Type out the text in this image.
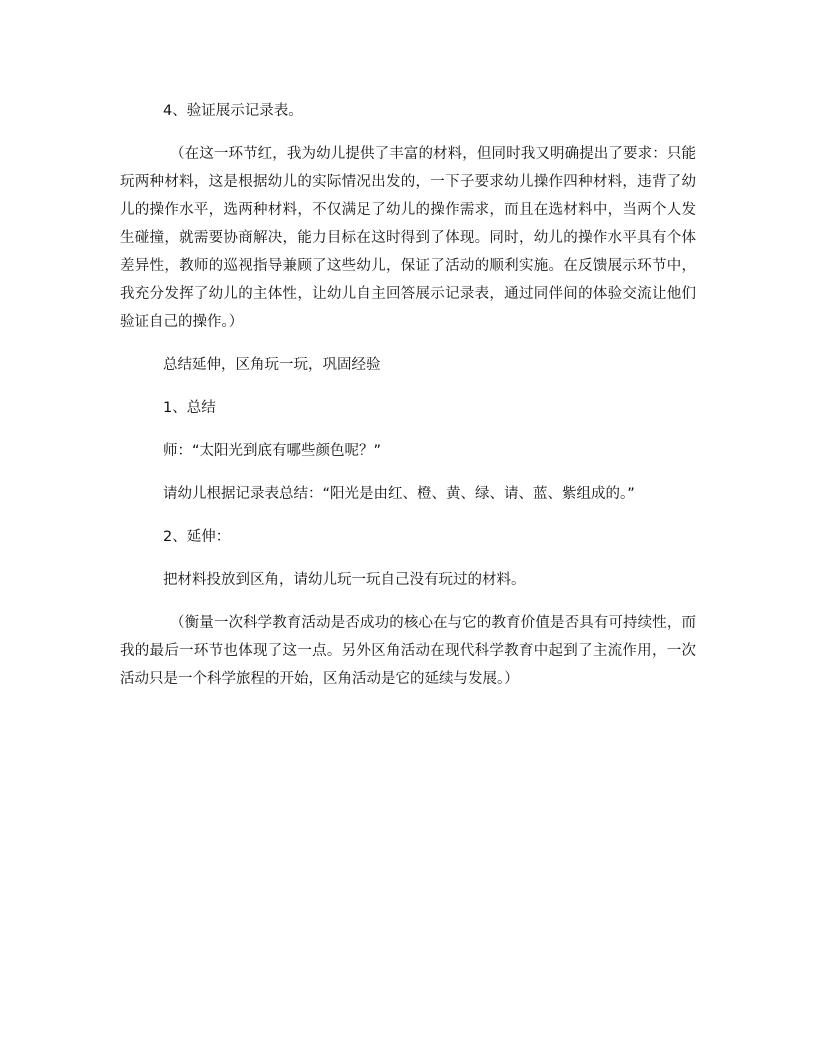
4、验证展示记录表。

（在这一环节红，我为幼儿提供了丰富的材料，但同时我又明确提出了要求：只能玩两种材料，这是根据幼儿的实际情况出发的，一下子要求幼儿操作四种材料，违背了幼儿的操作水平，选两种材料，不仅满足了幼儿的操作需求，而且在选材料中，当两个人发生碰撞，就需要协商解决，能力目标在这时得到了体现。同时，幼儿的操作水平具有个体差异性，教师的巡视指导兼顾了这些幼儿，保证了活动的顺利实施。在反馈展示环节中，我充分发挥了幼儿的主体性，让幼儿自主回答展示记录表，通过同伴间的体验交流让他们验证自己的操作。）

总结延伸，区角玩一玩，巩固经验

1、总结

师：“太阳光到底有哪些颜色呢？”

请幼儿根据记录表总结：“阳光是由红、橙、黄、绿、请、蓝、紫组成的。”

2、延伸：

把材料投放到区角，请幼儿玩一玩自己没有玩过的材料。

（衡量一次科学教育活动是否成功的核心在与它的教育价值是否具有可持续性，而我的最后一环节也体现了这一点。另外区角活动在现代科学教育中起到了主流作用，一次活动只是一个科学旅程的开始，区角活动是它的延续与发展。）
